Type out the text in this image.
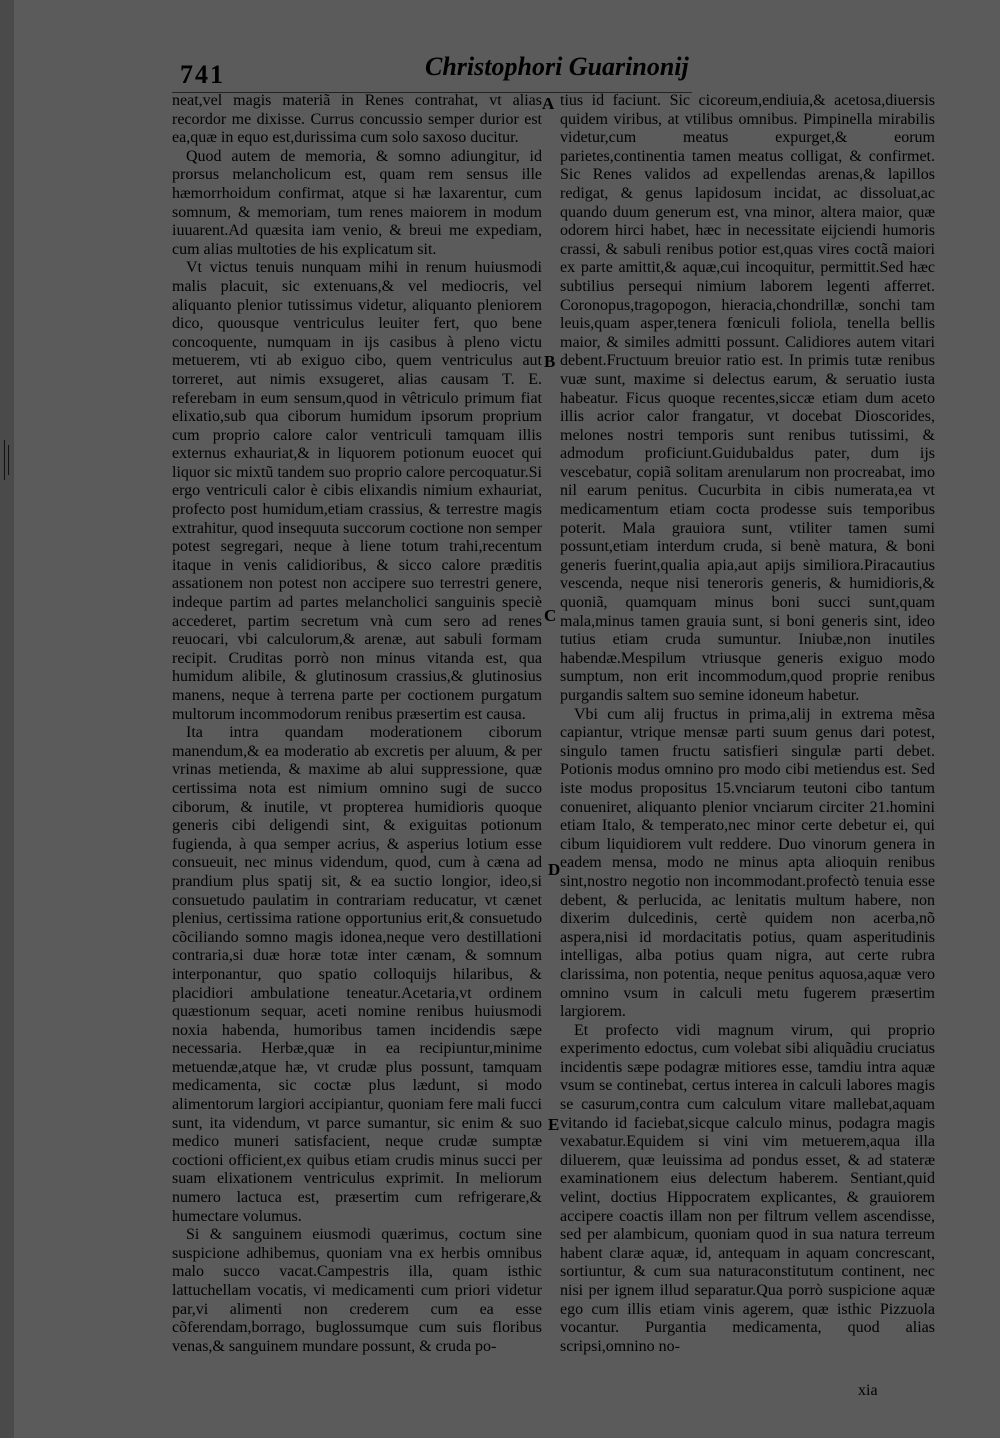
741	Christophori Guarinonij

neat,vel magis materiã in Renes contrahat, vt alias recordor me dixisse. Currus concussio semper durior est ea,quæ in equo est,durissima cum solo saxoso ducitur.

Quod autem de memoria, & somno adiungitur, id prorsus melancholicum est, quam rem sensus ille hæmorrhoidum confirmat, atque si hæ laxarentur, cum somnum, & memoriam, tum renes maiorem in modum iuuarent.Ad quæsita iam venio, & breui me expediam, cum alias multoties de his explicatum sit.

Vt victus tenuis nunquam mihi in renum huiusmodi malis placuit, sic extenuans,& vel mediocris, vel aliquanto plenior tutissimus videtur, aliquanto pleniorem dico, quousque ventriculus leuiter fert, quo bene concoquente, numquam in ijs casibus à pleno victu metuerem, vti ab exiguo cibo, quem ventriculus aut torreret, aut nimis exsugeret, alias causam T. E. referebam in eum sensum,quod in vêtriculo primum fiat elixatio,sub qua ciborum humidum ipsorum proprium cum proprio calore calor ventriculi tamquam illis externus exhauriat,& in liquorem potionum euocet qui liquor sic mixtũ tandem suo proprio calore percoquatur.Si ergo ventriculi calor è cibis elixandis nimium exhauriat, profecto post humidum,etiam crassius, & terrestre magis extrahitur, quod insequuta succorum coctione non semper potest segregari, neque à liene totum trahi,recentum itaque in venis calidioribus, & sicco calore præditis assationem non potest non accipere suo terrestri genere, indeque partim ad partes melancholici sanguinis speciè accederet, partim secretum vnà cum sero ad renes reuocari, vbi calculorum,& arenæ, aut sabuli formam recipit. Cruditas porrò non minus vitanda est, qua humidum alibile, & glutinosum crassius,& glutinosius manens, neque à terrena parte per coctionem purgatum multorum incommodorum renibus præsertim est causa.

Ita intra quandam moderationem ciborum manendum,& ea moderatio ab excretis per aluum, & per vrinas metienda, & maxime ab alui suppressione, quæ certissima nota est nimium omnino sugi de succo ciborum, & inutile, vt propterea humidioris quoque generis cibi deligendi sint, & exiguitas potionum fugienda, à qua semper acrius, & asperius lotium esse consueuit, nec minus videndum, quod, cum à cæna ad prandium plus spatij sit, & ea suctio longior, ideo,si consuetudo paulatim in contrariam reducatur, vt cænet plenius, certissima ratione opportunius erit,& consuetudo cõciliando somno magis idonea,neque vero destillationi contraria,si duæ horæ totæ inter cænam, & somnum interponantur, quo spatio colloquijs hilaribus, & placidiori ambulatione teneatur.Acetaria,vt ordinem quæstionum sequar, aceti nomine renibus huiusmodi noxia habenda, humoribus tamen incidendis sæpe necessaria. Herbæ,quæ in ea recipiuntur,minime metuendæ,atque hæ, vt crudæ plus possunt, tamquam medicamenta, sic coctæ plus lædunt, si modo alimentorum largiori accipiantur, quoniam fere mali fucci sunt, ita videndum, vt parce sumantur, sic enim & suo medico muneri satisfacient, neque crudæ sumptæ coctioni officient,ex quibus etiam crudis minus succi per suam elixationem ventriculus exprimit. In meliorum numero lactuca est, præsertim cum refrigerare,& humectare volumus.

Si & sanguinem eiusmodi quærimus, coctum sine suspicione adhibemus, quoniam vna ex herbis omnibus malo succo vacat.Campestris illa, quam isthic lattuchellam vocatis, vi medicamenti cum priori videtur par,vi alimenti non crederem cum ea esse cõferendam,borrago, buglossumque cum suis floribus venas,& sanguinem mundare possunt, & cruda po-

tius id faciunt. Sic cicoreum,endiuia,& acetosa,diuersis quidem viribus, at vtilibus omnibus. Pimpinella mirabilis videtur,cum meatus expurget,& eorum parietes,continentia tamen meatus colligat, & confirmet. Sic Renes validos ad expellendas arenas,& lapillos redigat, & genus lapidosum incidat, ac dissoluat,ac quando duum generum est, vna minor, altera maior, quæ odorem hirci habet, hæc in necessitate eijciendi humoris crassi, & sabuli renibus potior est,quas vires coctã maiori ex parte amittit,& aquæ,cui incoquitur, permittit.Sed hæc subtilius persequi nimium laborem legenti afferret. Coronopus,tragopogon, hieracia,chondrillæ, sonchi tam leuis,quam asper,tenera fœniculi foliola, tenella bellis maior, & similes admitti possunt. Calidiores autem vitari debent.Fructuum breuior ratio est. In primis tutæ renibus vuæ sunt, maxime si delectus earum, & seruatio iusta habeatur. Ficus quoque recentes,siccæ etiam dum aceto illis acrior calor frangatur, vt docebat Dioscorides, melones nostri temporis sunt renibus tutissimi, & admodum proficiunt.Guidubaldus pater, dum ijs vescebatur, copiã solitam arenularum non procreabat, imo nil earum penitus. Cucurbita in cibis numerata,ea vt medicamentum etiam cocta prodesse suis temporibus poterit. Mala grauiora sunt, vtiliter tamen sumi possunt,etiam interdum cruda, si benè matura, & boni generis fuerint,qualia apia,aut apijs similiora.Piracautius vescenda, neque nisi teneroris generis, & humidioris,& quoniã, quamquam minus boni succi sunt,quam mala,minus tamen grauia sunt, si boni generis sint, ideo tutius etiam cruda sumuntur. Iniubæ,non inutiles habendæ.Mespilum vtriusque generis exiguo modo sumptum, non erit incommodum,quod proprie renibus purgandis saltem suo semine idoneum habetur.

Vbi cum alij fructus in prima,alij in extrema mẽsa capiantur, vtrique mensæ parti suum genus dari potest, singulo tamen fructu satisfieri singulæ parti debet. Potionis modus omnino pro modo cibi metiendus est. Sed iste modus propositus 15.vnciarum teutoni cibo tantum conueniret, aliquanto plenior vnciarum circiter 21.homini etiam Italo, & temperato,nec minor certe debetur ei, qui cibum liquidiorem vult reddere. Duo vinorum genera in eadem mensa, modo ne minus apta alioquin renibus sint,nostro negotio non incommodant.profectò tenuia esse debent, & perlucida, ac lenitatis multum habere, non dixerim dulcedinis, certè quidem non acerba,nõ aspera,nisi id mordacitatis potius, quam asperitudinis intelligas, alba potius quam nigra, aut certe rubra clarissima, non potentia, neque penitus aquosa,aquæ vero omnino vsum in calculi metu fugerem præsertim largiorem.

Et profecto vidi magnum virum, qui proprio experimento edoctus, cum volebat sibi aliquãdiu cruciatus incidentis sæpe podagræ mitiores esse, tamdiu intra aquæ vsum se continebat, certus interea in calculi labores magis se casurum,contra cum calculum vitare mallebat,aquam vitando id faciebat,sicque calculo minus, podagra magis vexabatur.Equidem si vini vim metuerem,aqua illa diluerem, quæ leuissima ad pondus esset, & ad stateræ examinationem eius delectum haberem. Sentiant,quid velint, doctius Hippocratem explicantes, & grauiorem accipere coactis illam non per filtrum vellem ascendisse, sed per alambicum, quoniam quod in sua natura terreum habent claræ aquæ, id, antequam in aquam concrescant, sortiuntur, & cum sua naturaconstitutum continent, nec nisi per ignem illud separatur.Qua porrò suspicione aquæ ego cum illis etiam vinis agerem, quæ isthic Pizzuola vocantur. Purgantia medicamenta, quod alias scripsi,omnino no-

A
B
C
D
E
xia
